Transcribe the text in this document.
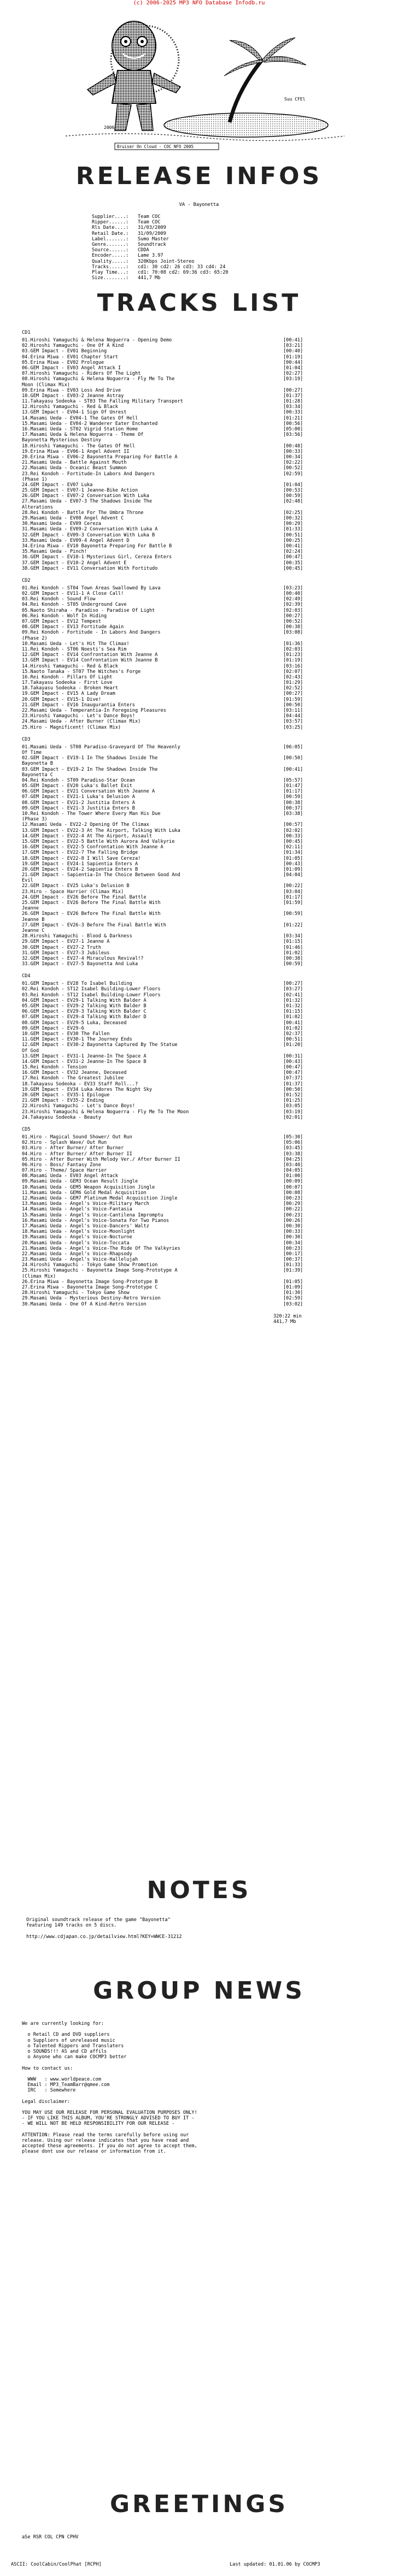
(c) 2006-2025 MP3 NFO Database Infodb.ru
Suu CFEl
2006
Bruiser On Cloud - COC NFO 2005
RELEASE INFOS
VA - Bayonetta
Supplier....: Team COC
Ripper......: Team COC
Rls Date....: 31/03/2009
Retail Date.: 31/09/2009
Label.......: Sumo Master
Genre.......: Soundtrack
Source......: CDDA
Encoder.....: Lame 3.97
Quality.....: 320Kbps Joint-Stereo
Tracks......: cd1: 30 cd2: 26 cd3: 33 cd4: 24
Play Time...: cd1: 70:08 cd2: 69:36 cd3: 65:20
Size........: 441,7 Mb
TRACKS LIST
CD1
01.Hiroshi Yamaguchi & Helena Noguerra - Opening Demo	[00:41]
02.Hiroshi Yamaguchi - One Of A Kind	[03:21]
03.GEM Impact - EV01 Beginning	[00:40]
04.Erina Miwa - EV01 Chapter Start	[01:19]
05.Erina Miwa - EV02 Prologue	[00:44]
06.GEM Impact - EV03 Angel Attack I	[01:04]
07.Hiroshi Yamaguchi - Riders Of The Light	[02:27]
08.Hiroshi Yamaguchi & Helena Noguerra - Fly Me To The	[03:19]
Moon (Climax Mix)
09.Erina Miwa - EV03 Loss And Drive	[00:27]
10.GEM Impact - EV03-2 Jeanne Astray	[01:37]
11.Takayasu Sodeoka - ST03 The Falling Military Transport	[01:28]
12.Hiroshi Yamaguchi - Red & Black	[03:34]
13.GEM Impact - EV04-1 Sign Of Unrest	[00:33]
14.Masami Ueda - EV04-1 The Gates Of Hell	[01:21]
15.Masami Ueda - EV04-2 Wanderer Eater Enchanted	[00:56]
16.Masami Ueda - ST02 Vigrid Station Home	[05:00]
17.Masami Ueda & Helena Noguerra - Theme Of	[03:56]
Bayonetta Mysterious Destiny
18.Hiroshi Yamaguchi - The Gates Of Hell	[00:48]
19.Erina Miwa - EV06-1 Angel Advent II	[00:33]
20.Erina Miwa - EV06-2 Bayonetta Preparing For Battle A	[00:34]
21.Masami Ueda - Battle Against Mouth	[02:22]
22.Masami Ueda - Oceanic Beast Summon	[00:52]
23.Rei Kondoh - Fortitude-In Labors And Dangers	[02:59]
(Phase 1)
24.GEM Impact - EV07 Luka	[01:04]
25.GEM Impact - EV07-1 Jeanne-Bike Action	[00:53]
26.GEM Impact - EV07-2 Conversation With Luka	[00:59]
27.Masami Ueda - EV07-3 The Shadows Inside The	[02:48]
Alterations
28.Rei Kondoh - Battle For The Umbra Throne	[02:25]
29.Masami Ueda - EV08 Angel Advent C	[00:32]
30.Masami Ueda - EV09 Cereza	[00:29]
31.Masami Ueda - EV09-2 Conversation With Luka A	[01:33]
32.GEM Impact - EV09-3 Conversation With Luka B	[00:51]
33.Masami Ueda - EV09-4 Angel Advent D	[00:25]
34.Erina Miwa - EV10 Bayonetta Preparing For Battle B	[00:41]
35.Masami Ueda - Pinch!	[02:24]
36.GEM Impact - EV10-1 Mysterious Girl, Cereza Enters	[00:47]
37.GEM Impact - EV10-2 Angel Advent E	[00:35]
38.GEM Impact - EV11 Conversation With Fortitudo	[00:45]
CD2
01.Rei Kondoh - ST04 Town Areas Swallowed By Lava	[03:23]
02.GEM Impact - EV11-1 A Close Call!	[00:40]
03.Rei Kondoh - Sound Flow	[02:49]
04.Rei Kondoh - ST05 Underground Cave	[02:39]
05.Naoto Shiraha - Paradiso - Paradise Of Light	[02:03]
06.Rei Kondoh - Wolf In Hiding	[00:27]
07.GEM Impact - EV12 Tempest	[00:52]
08.GEM Impact - EV13 Fortitude Again	[00:38]
09.Rei Kondoh - Fortitude - In Labors And Dangers	[03:08]
(Phase 2)
10.Masami Ueda - Let's Hit The Climax!	[01:36]
11.Rei Kondoh - ST06 Noesti's Sea Rim	[02:03]
12.GEM Impact - EV14 Confrontation With Jeanne A	[01:23]
13.GEM Impact - EV14 Confrontation With Jeanne B	[01:19]
14.Hiroshi Yamaguchi - Red & Black	[03:16]
15.Naoto Tanaka - ST07 The Witches's Forge	[02:07]
16.Rei Kondoh - Pillars Of Light	[02:43]
17.Takayasu Sodeoka - First Love	[01:29]
18.Takayasu Sodeoka - Broken Heart	[02:52]
19.GEM Impact - EV15 A Lady Dream	[00:27]
20.GEM Impact - EV15-1 Dive!	[01:59]
21.GEM Impact - EV16 Inaugurantia Enters	[00:50]
22.Masami Ueda - Temperantia-In Foregoing Pleasures	[03:11]
23.Hiroshi Yamaguchi - Let's Dance Boys!	[04:44]
24.Masami Ueda - After Burner (Climax Mix)	[03:57]
25.Hiro - Magnificent! (Climax Mix)	[03:25]
CD3
01.Masami Ueda - ST08 Paradiso-Graveyard Of The Heavenly	[06:05]
Of Time
02.GEM Impact - EV19-1 In The Shadows Inside The	[00:50]
Bayonetta B
03.GEM Impact - EV19-2 In The Shadows Inside The	[00:41]
Bayonetta C
04.Rei Kondoh - ST09 Paradiso-Star Ocean	[05:57]
05.GEM Impact - EV20 Luka's Ballet Exit	[01:47]
06.GEM Impact - EV21 Conversation With Jeanne A	[01:17]
07.GEM Impact - EV21-1 Luka's Delusion A	[00:59]
08.GEM Impact - EV21-2 Justitia Enters A	[00:38]
09.GEM Impact - EV21-3 Justitia Enters B	[00:37]
10.Rei Kondoh - The Tower Where Every Man His Due	[03:38]
(Phase 3)
12.Masami Ueda - EV22-2 Opening Of The Climax	[00:57]
13.GEM Impact - EV22-3 At The Airport, Talking With Luka	[02:02]
14.GEM Impact - EV22-4 At The Airport, Assault	[00:33]
15.GEM Impact - EV22-5 Battle With Aurora And Valkyrie	[00:45]
16.GEM Impact - EV22-5 Confrontation With Jeanne A	[02:11]
17.GEM Impact - EV22-7 The Falling Bridge	[01:34]
18.GEM Impact - EV22-8 I Will Save Cereza!	[01:05]
19.GEM Impact - EV24-1 Sapientia Enters A	[00:43]
20.GEM Impact - EV24-2 Sapientia Enters B	[01:09]
21.GEM Impact - Sapientia-In The Choice Between Good And	[04:04]
Evil
22.GEM Impact - EV25 Luka's Delusion B	[00:22]
23.Hiro - Space Harrier (Climax Mix)	[03:04]
24.GEM Impact - EV26 Before The Final Battle	[01:17]
25.GEM Impact - EV26 Before The Final Battle With	[01:59]
Jeanne
26.GEM Impact - EV26 Before The Final Battle With	[00:59]
Jeanne B
27.GEM Impact - EV26-3 Before The Final Battle With	[01:22]
Jeanne C
28.Hiroshi Yamaguchi - Blood & Darkness	[03:34]
29.GEM Impact - EV27-1 Jeanne A	[01:15]
30.GEM Impact - EV27-2 Truth	[01:46]
31.GEM Impact - EV27-3 Jubileus	[01:02]
32.GEM Impact - EV27-4 Miraculous Revival!?	[00:38]
33.GEM Impact - EV27-5 Bayonetta And Luka	[00:59]
CD4
01.GEM Impact - EV28 To Isabel Building	[00:27]
02.Rei Kondoh - ST12 Isabel Building-Lower Floors	[03:27]
03.Rei Kondoh - ST12 Isabel Building-Lower Floors	[02:41]
04.GEM Impact - EV29-1 Talking With Balder A	[01:32]
05.GEM Impact - EV29-2 Talking With Balder B	[01:32]
06.GEM Impact - EV29-3 Talking With Balder C	[01:15]
07.GEM Impact - EV29-4 Talking With Balder D	[01:02]
08.GEM Impact - EV29-5 Luka, Deceased	[00:41]
09.GEM Impact - EV29-6	[01:02]
10.GEM Impact - EV30 The Fallen	[02:37]
11.GEM Impact - EV30-1 The Journey Ends	[00:51]
12.GEM Impact - EV30-2 Bayonetta Captured By The Statue	[01:20]
Of God
13.GEM Impact - EV31-1 Jeanne-In The Space A	[00:31]
14.GEM Impact - EV31-2 Jeanne-In The Space B	[00:43]
15.Rei Kondoh - Tension	[00:47]
16.GEM Impact - EV32 Jeanne, Deceased	[00:47]
17.Rei Kondoh - The Greatest Jubilee	[07:37]
18.Takayasu Sodeoka - EV33 Staff Roll...?	[01:37]
19.GEM Impact - EV34 Luka Adores The Night Sky	[00:50]
20.GEM Impact - EV35-1 Epilogue	[01:52]
21.GEM Impact - EV35-2 Ending	[01:25]
22.Hiroshi Yamaguchi - Let's Dance Boys!	[03:05]
23.Hiroshi Yamaguchi & Helena Noguerra - Fly Me To The Moon	[03:19]
24.Takayasu Sodeoka - Beauty	[02:01]
CD5
01.Hiro - Magical Sound Shower/ Out Run	[05:30]
02.Hiro - Splash Wave/ Out Run	[05:06]
03.Hiro - After Burner/ After Burner	[03:45]
04.Hiro - After Burner/ After Burner II	[03:38]
05.Hiro - After Burner With Melody Ver./ After Burner II	[04:25]
06.Hiro - Boss/ Fantasy Zone	[03:40]
07.Hiro - Theme/ Space Harrier	[04:05]
08.Masami Ueda - EV03 Angel Attack	[01:00]
09.Masami Ueda - GEM3 Ocean Result Jingle	[00:09]
10.Masami Ueda - GEM5 Weapon Acquisition Jingle	[00:07]
11.Masami Ueda - GEM6 Gold Medal Acquisition	[00:08]
12.Masami Ueda - GEM7 Platinum Medal Acquisition Jingle	[00:23]
13.Masami Ueda - Angel's Voice-Military March	[00:29]
14.Masami Ueda - Angel's Voice-Fantasia	[00:22]
15.Masami Ueda - Angel's Voice-Cantilena Impromptu	[00:23]
16.Masami Ueda - Angel's Voice-Sonata For Two Pianos	[00:26]
17.Masami Ueda - Angel's Voice-Dancers' Waltz	[00:30]
18.Masami Ueda - Angel's Voice-Moonlight	[00:33]
19.Masami Ueda - Angel's Voice-Nocturne	[00:30]
20.Masami Ueda - Angel's Voice-Toccata	[00:34]
21.Masami Ueda - Angel's Voice-The Ride Of The Valkyries	[00:23]
22.Masami Ueda - Angel's Voice-Rhapsody	[00:17]
23.Masami Ueda - Angel's Voice-Hallelujah	[00:37]
24.Hiroshi Yamaguchi - Tokyo Game Show Promotion	[01:33]
25.Hiroshi Yamaguchi - Bayonetta Image Song-Prototype A	[01:39]
(Climax Mix)
26.Erina Miwa - Bayonetta Image Song-Prototype B	[01:05]
27.Erina Miwa - Bayonetta Image Song-Prototype C	[01:09]
28.Hiroshi Yamaguchi - Tokyo Game Show	[01:30]
29.Masami Ueda - Mysterious Destiny-Retro Version	[02:59]
30.Masami Ueda - One Of A Kind-Retro Version	[03:02]
320:22 min
441,7 Mb
NOTES
Original soundtrack release of the game "Bayonetta"
featuring 149 tracks on 5 discs.
http://www.cdjapan.co.jp/detailview.html?KEY=WWCE-31212
GROUP NEWS
We are currently looking for:
o Retail CD and DVD suppliers
o Suppliers of unreleased music
o Talented Rippers and Translaters
o SOUNDS!!! AS and CD affils
o Anyone who can make COCMP3 better
How to contact us:
WWW   : www.worldpeace.com
Email : MP3_TeamBarr@qmee.com
IRC   : Somewhere
Legal disclaimer:
YOU MAY USE OUR RELEASE FOR PERSONAL EVALUATION PURPOSES ONLY!
- IF YOU LIKE THIS ALBUM, YOU'RE STRONGLY ADVISED TO BUY IT -
- WE WILL NOT BE HELD RESPONSIBILITY FOR OUR RELEASE -
ATTENTION: Please read the terms carefully before using our
release. Using our release indicates that you have read and
accepted these agreements. If you do not agree to accept them,
please dont use our release or information from it.
GREETINGS
aSe RSR COL CPN CPHV
ASCII: CoolCabin/CoolPhat [RCPH]	Last updated: 01.01.06 by COCMP3
